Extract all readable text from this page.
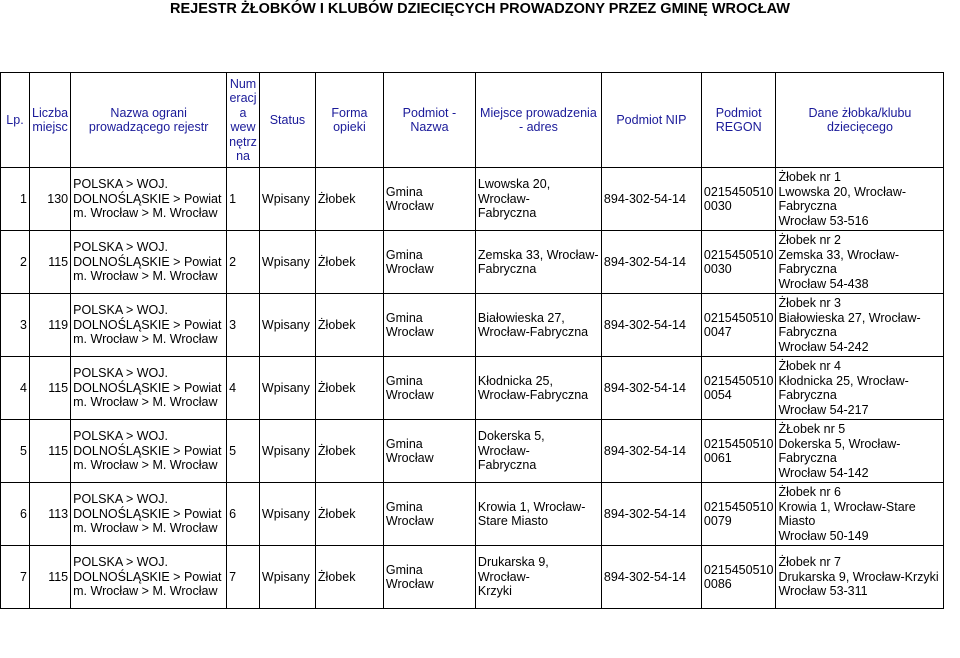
REJESTR ŻŁOBKÓW I KLUBÓW DZIECIĘCYCH PROWADZONY PRZEZ GMINĘ WROCŁAW
Lp.	Liczba miejsc	Nazwa ograni prowadzącego rejestr	Num eracj a wew nętrz na	Status	Forma opieki	Podmiot - Nazwa	Miejsce prowadzenia - adres	Podmiot NIP	Podmiot REGON	Dane żłobka/klubu dziecięcego
1	130	POLSKA > WOJ.
DOLNOŚLĄSKIE > Powiat
m. Wrocław > M. Wrocław	1	Wpisany	Żłobek	Gmina Wrocław	Lwowska 20, Wrocław-
Fabryczna	894-302-54-14	0215450510
0030	Żłobek nr 1
Lwowska 20, Wrocław-
Fabryczna
Wrocław 53-516
2	115	POLSKA > WOJ.
DOLNOŚLĄSKIE > Powiat
m. Wrocław > M. Wrocław	2	Wpisany	Żłobek	Gmina Wrocław	Zemska 33, Wrocław-
Fabryczna	894-302-54-14	0215450510
0030	Żłobek nr 2
Zemska 33, Wrocław-Fabryczna
Wrocław 54-438
3	119	POLSKA > WOJ.
DOLNOŚLĄSKIE > Powiat
m. Wrocław > M. Wrocław	3	Wpisany	Żłobek	Gmina Wrocław	Białowieska 27,
Wrocław-Fabryczna	894-302-54-14	0215450510
0047	Żłobek nr 3
Białowieska 27, Wrocław-
Fabryczna
Wrocław 54-242
4	115	POLSKA > WOJ.
DOLNOŚLĄSKIE > Powiat
m. Wrocław > M. Wrocław	4	Wpisany	Żłobek	Gmina Wrocław	Kłodnicka 25,
Wrocław-Fabryczna	894-302-54-14	0215450510
0054	Żłobek nr 4
Kłodnicka 25, Wrocław-
Fabryczna
Wrocław 54-217
5	115	POLSKA > WOJ.
DOLNOŚLĄSKIE > Powiat
m. Wrocław > M. Wrocław	5	Wpisany	Żłobek	Gmina Wrocław	Dokerska 5, Wrocław-
Fabryczna	894-302-54-14	0215450510
0061	ŻŁobek nr 5
Dokerska 5, Wrocław-Fabryczna
Wrocław 54-142
6	113	POLSKA > WOJ.
DOLNOŚLĄSKIE > Powiat
m. Wrocław > M. Wrocław	6	Wpisany	Żłobek	Gmina Wrocław	Krowia 1, Wrocław-
Stare Miasto	894-302-54-14	0215450510
0079	Żłobek nr 6
Krowia 1, Wrocław-Stare Miasto
Wrocław 50-149
7	115	POLSKA > WOJ.
DOLNOŚLĄSKIE > Powiat
m. Wrocław > M. Wrocław	7	Wpisany	Żłobek	Gmina Wrocław	Drukarska 9, Wrocław-
Krzyki	894-302-54-14	0215450510
0086	Żłobek nr 7
Drukarska 9, Wrocław-Krzyki
Wrocław 53-311
